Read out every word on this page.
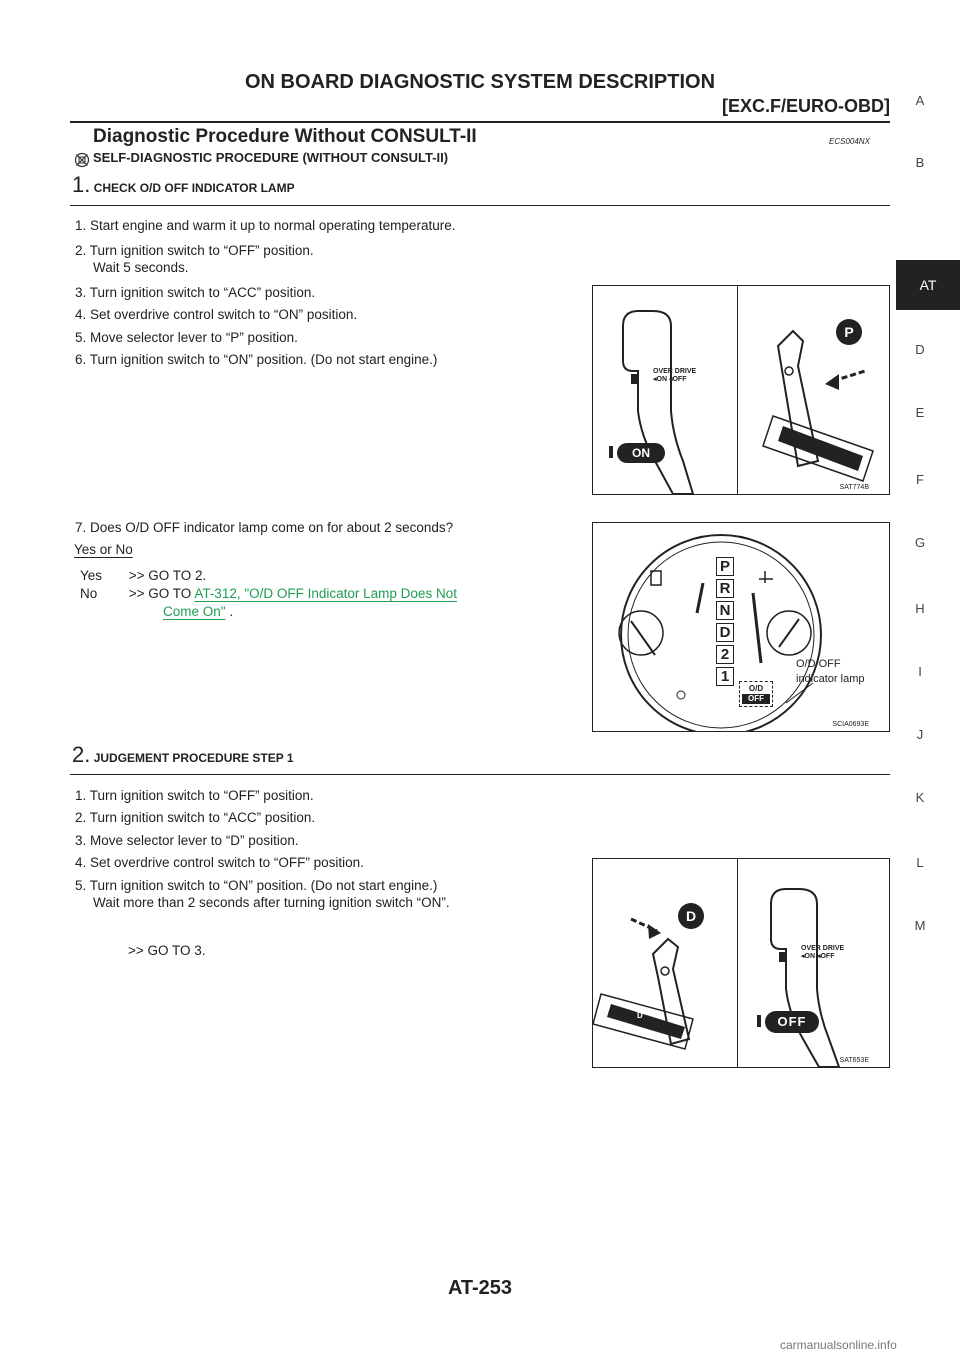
ON BOARD DIAGNOSTIC SYSTEM DESCRIPTION
[EXC.F/EURO-OBD]
Diagnostic Procedure Without CONSULT-II	ECS004NX
SELF-DIAGNOSTIC PROCEDURE (WITHOUT CONSULT-II)
1. CHECK O/D OFF INDICATOR LAMP
1. Start engine and warm it up to normal operating temperature.
2. Turn ignition switch to “OFF” position.
Wait 5 seconds.
3. Turn ignition switch to “ACC” position.
4. Set overdrive control switch to “ON” position.
5. Move selector lever to “P” position.
6. Turn ignition switch to “ON” position. (Do not start engine.)
7. Does O/D OFF indicator lamp come on for about 2 seconds?
OVER DRIVE
◂ON ◂OFF
ON
P
SAT774B
Yes or No
Yes >> GO TO 2.
No >> GO TO AT-312, "O/D OFF Indicator Lamp Does Not
Come On" .
P
R
N
D
2
1
O/D
OFF
O/D OFF
indicator lamp
SCIA0693E
2. JUDGEMENT PROCEDURE STEP 1
1. Turn ignition switch to “OFF” position.
2. Turn ignition switch to “ACC” position.
3. Move selector lever to “D” position.
4. Set overdrive control switch to “OFF” position.
5. Turn ignition switch to “ON” position. (Do not start engine.)
Wait more than 2 seconds after turning ignition switch “ON”.
>> GO TO 3.
D
D
OVER DRIVE
◂ON ◂OFF
OFF
SAT653E
A
B
AT
D
E
F
G
H
I
J
K
L
M
AT-253
carmanualsonline.info
